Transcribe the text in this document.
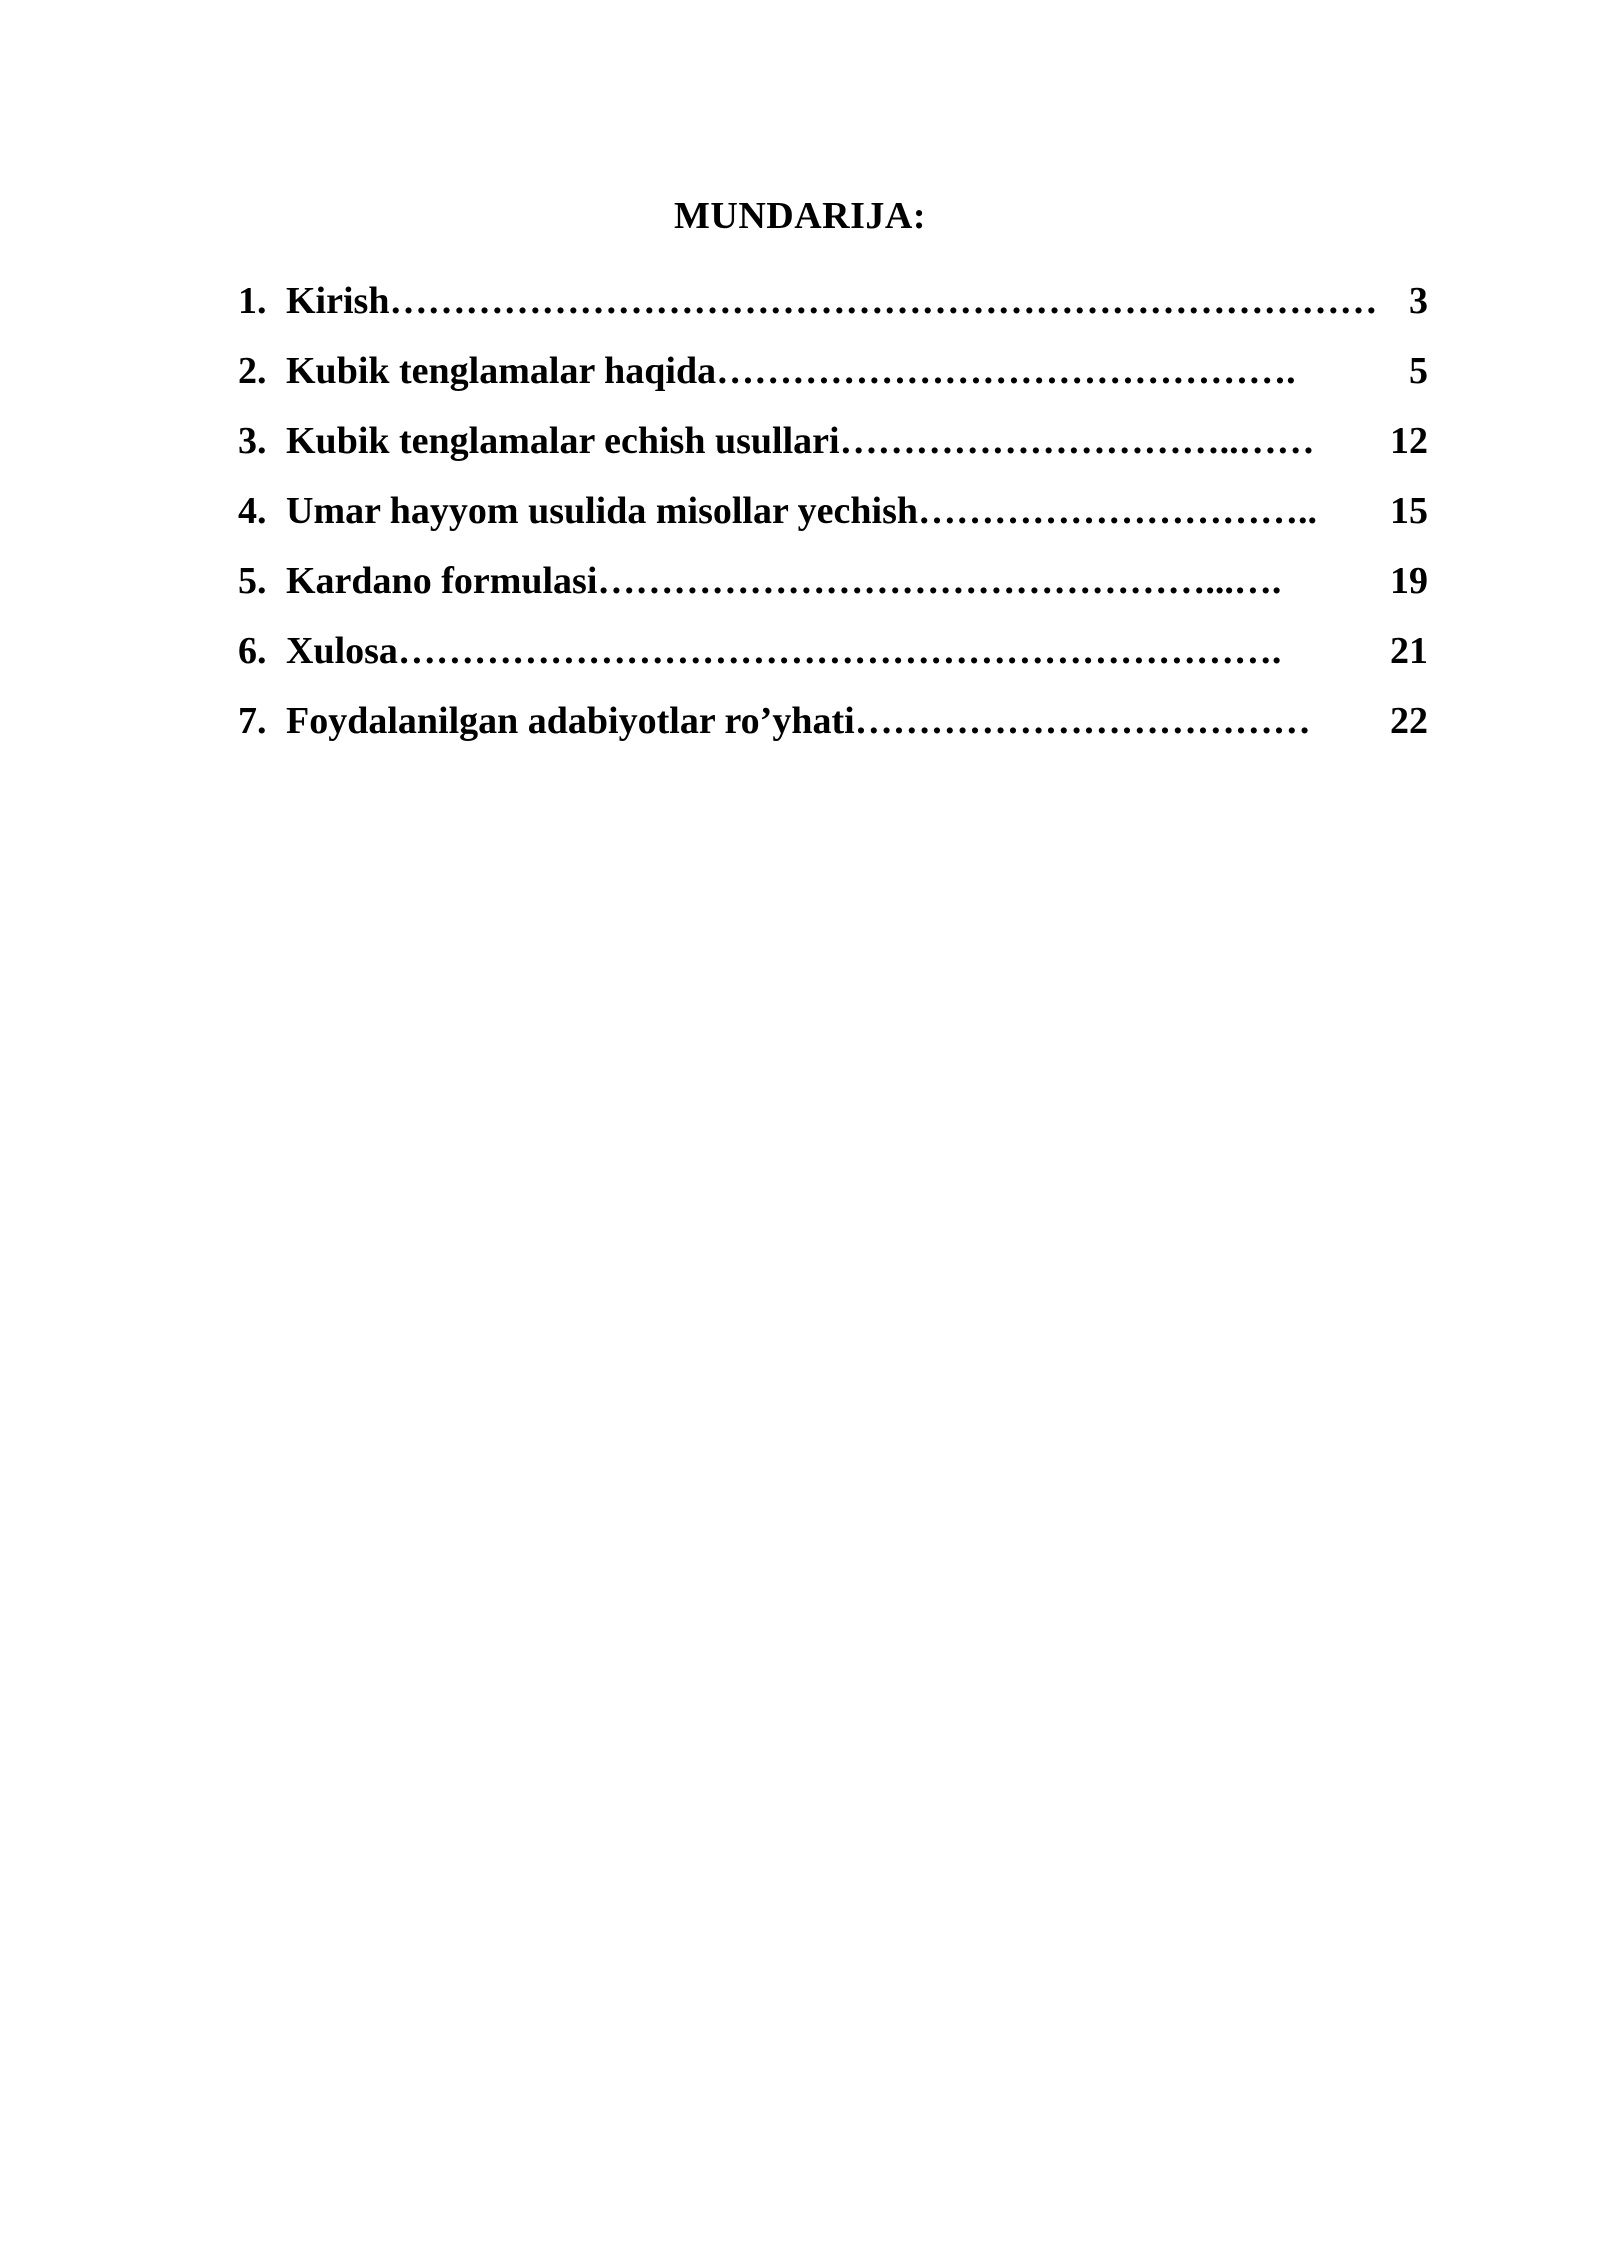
MUNDARIJA:
1. Kirish …………………………………………………………………… 3
2. Kubik tenglamalar haqida ……………………………………….	5
3. Kubik tenglamalar echish usullari …………………………..……	12
4. Umar hayyom usulida misollar yechish …………………………..	15
5. Kardano formulasi …………………………………………...….	19
6. Xulosa …………………………………………………………….	21
7. Foydalanilgan adabiyotlar ro’yhati ………………………………	22
